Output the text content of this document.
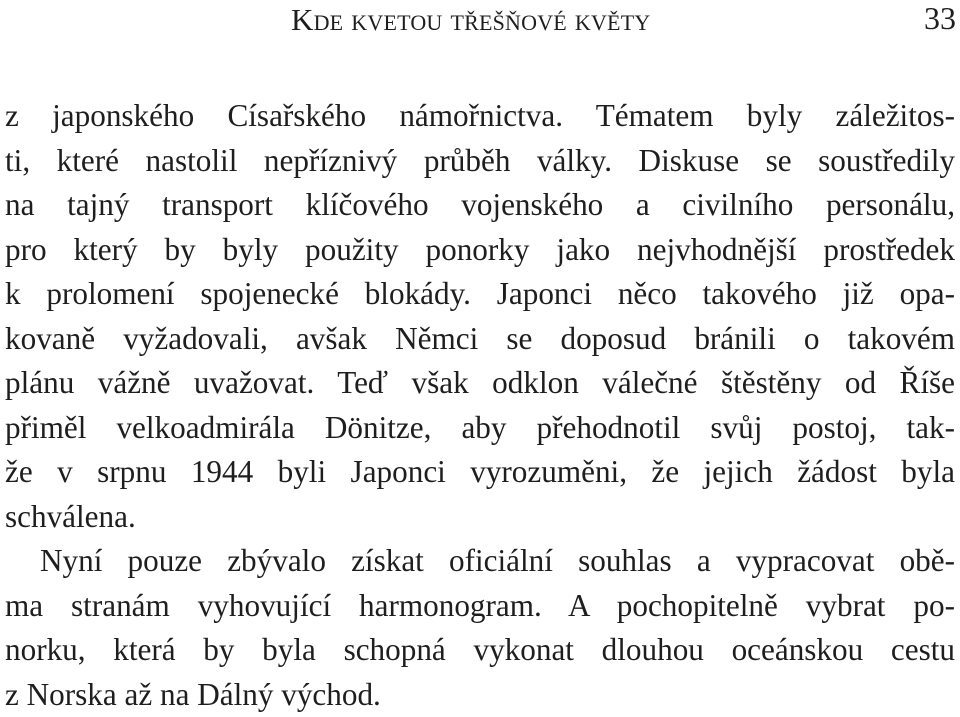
Kde kvetou třešňové květy	33
z japonského Císařského námořnictva. Tématem byly záležitos-
ti, které nastolil nepříznivý průběh války. Diskuse se soustředily
na tajný transport klíčového vojenského a civilního personálu,
pro který by byly použity ponorky jako nejvhodnější prostředek
k prolomení spojenecké blokády. Japonci něco takového již opa-
kovaně vyžadovali, avšak Němci se doposud bránili o takovém
plánu vážně uvažovat. Teď však odklon válečné štěstěny od Říše
přiměl velkoadmirála Dönitze, aby přehodnotil svůj postoj, tak-
že v srpnu 1944 byli Japonci vyrozuměni, že jejich žádost byla
schválena.
Nyní pouze zbývalo získat oficiální souhlas a vypracovat obě-
ma stranám vyhovující harmonogram. A pochopitelně vybrat po-
norku, která by byla schopná vykonat dlouhou oceánskou cestu
z Norska až na Dálný východ.
